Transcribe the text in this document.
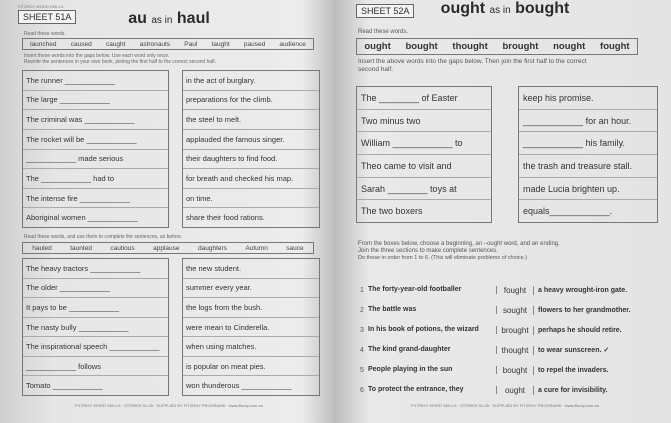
FITZROY WORD SKILLS
SHEET 51A	au as in haul
Read these words.
launched caused caught astronauts Paul taught paused audience
Insert these words into the gaps below. Use each word only once.
Rewrite the sentences in your own book, joining the first half to the correct second half.
The runner ____________
The large ____________
The criminal was ____________
The rocket will be ____________
____________ made serious
The ____________ had to
The intense fire ____________
Aboriginal women ____________
in the act of burglary.
preparations for the climb.
the steel to melt.
applauded the famous singer.
their daughters to find food.
for breath and checked his map.
on time.
share their food rations.
Read these words, and use them to complete the sentences, as before.
hauled	taunted	cautious	applause	daughters	Autumn	sauce
The heavy tractors ____________
The older ____________
It pays to be ____________
The nasty bully ____________
The inspirational speech ____________
____________ follows
Tomato ____________
the new student.
summer every year.
the logs from the bush.
were mean to Cinderella.
when using matches.
is popular on meat pies.
won thunderous ____________
FITZROY WORD SKILLS · STORIES 51-55 · SUPPLIED BY FITZROY PROGRAMS · www.fitzroy.com.au
SHEET 52A	ought as in bought
Read these words.
ought bought thought brought nought fought
Insert the above words into the gaps below. Then join the first half to the correct second half.
The ________ of Easter
Two minus two
William ____________ to
Theo came to visit and
Sarah ________ toys at
The two boxers
keep his promise.
____________ for an hour.
____________ his family.
the trash and treasure stall.
made Lucia brighten up.
equals____________.
From the boxes below, choose a beginning, an –ought word, and an ending.
Join the three sections to make complete sentences.
Do these in order from 1 to 6. (This will eliminate problems of choice.)
1 The forty-year-old footballer	fought	a heavy wrought-iron gate.
2 The battle was	sought	flowers to her grandmother.
3 In his book of potions, the wizard	brought	perhaps he should retire.
4 The kind grand-daughter	thought	to wear sunscreen. ✓
5 People playing in the sun	bought	to repel the invaders.
6 To protect the entrance, they	ought	a cure for invisibility.
FITZROY WORD SKILLS · STORIES 51-55 · SUPPLIED BY FITZROY PROGRAMS · www.fitzroy.com.au
